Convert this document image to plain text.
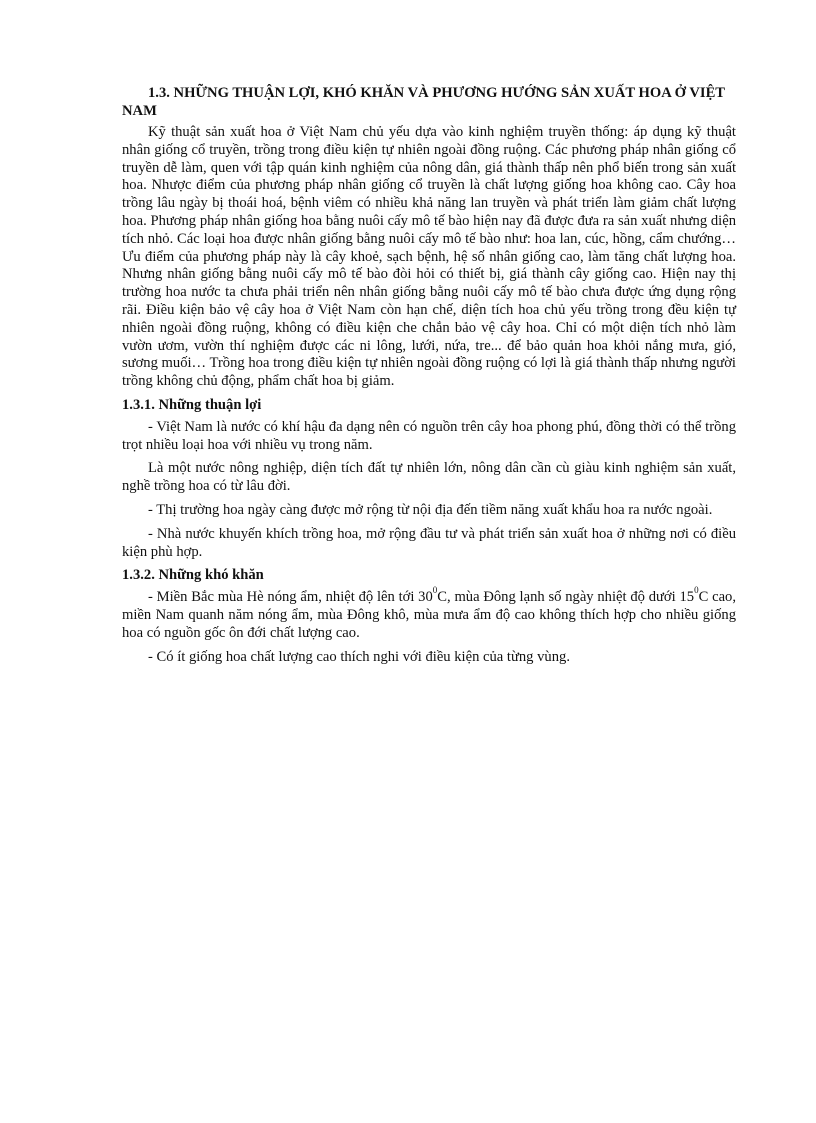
1.3. NHỮNG THUẬN LỢI, KHÓ KHĂN VÀ PHƯƠNG HƯỚNG SẢN XUẤT HOA Ở VIỆT NAM

Kỹ thuật sản xuất hoa ở Việt Nam chủ yếu dựa vào kinh nghiệm truyền thống: áp dụng kỹ thuật nhân giống cổ truyền, trồng trong điều kiện tự nhiên ngoài đồng ruộng. Các phương pháp nhân giống cổ truyền dễ làm, quen với tập quán kinh nghiệm của nông dân, giá thành thấp nên phổ biến trong sản xuất hoa. Nhược điểm của phương pháp nhân giống cổ truyền là chất lượng giống hoa không cao. Cây hoa trồng lâu ngày bị thoái hoá, bệnh viêm có nhiều khả năng lan truyền và phát triển làm giảm chất lượng hoa. Phương pháp nhân giống hoa bằng nuôi cấy mô tế bào hiện nay đã được đưa ra sản xuất nhưng diện tích nhỏ. Các loại hoa được nhân giống bằng nuôi cấy mô tế bào như: hoa lan, cúc, hồng, cẩm chướng… Ưu điểm của phương pháp này là cây khoẻ, sạch bệnh, hệ số nhân giống cao, làm tăng chất lượng hoa. Nhưng nhân giống bằng nuôi cấy mô tế bào đòi hỏi có thiết bị, giá thành cây giống cao. Hiện nay thị trường hoa nước ta chưa phải triển nên nhân giống bằng nuôi cấy mô tế bào chưa được ứng dụng rộng rãi. Điều kiện bảo vệ cây hoa ở Việt Nam còn hạn chế, diện tích hoa chủ yếu trồng trong đều kiện tự nhiên ngoài đồng ruộng, không có điều kiện che chắn bảo vệ cây hoa. Chỉ có một diện tích nhỏ làm vườn ươm, vườn thí nghiệm được các ni lông, lưới, nứa, tre... để bảo quản hoa khỏi nắng mưa, gió, sương muối… Trồng hoa trong điều kiện tự nhiên ngoài đồng ruộng có lợi là giá thành thấp nhưng người trồng không chủ động, phẩm chất hoa bị giảm.

1.3.1. Những thuận lợi

- Việt Nam là nước có khí hậu đa dạng nên có nguồn trên cây hoa phong phú, đồng thời có thể trồng trọt nhiều loại hoa với nhiều vụ trong năm.

Là một nước nông nghiệp, diện tích đất tự nhiên lớn, nông dân cần cù giàu kinh nghiệm sản xuất, nghề trồng hoa có từ lâu đời.

- Thị trường hoa ngày càng được mở rộng từ nội địa đến tiềm năng xuất khẩu hoa ra nước ngoài.

- Nhà nước khuyến khích trồng hoa, mở rộng đầu tư và phát triển sản xuất hoa ở những nơi có điều kiện phù hợp.

1.3.2. Những khó khăn

- Miền Bắc mùa Hè nóng ẩm, nhiệt độ lên tới $30^0C$, mùa Đông lạnh số ngày nhiệt độ dưới $15^0C$ cao, miền Nam quanh năm nóng ẩm, mùa Đông khô, mùa mưa ẩm độ cao không thích hợp cho nhiều giống hoa có nguồn gốc ôn đới chất lượng cao.

- Có ít giống hoa chất lượng cao thích nghi với điều kiện của từng vùng.
